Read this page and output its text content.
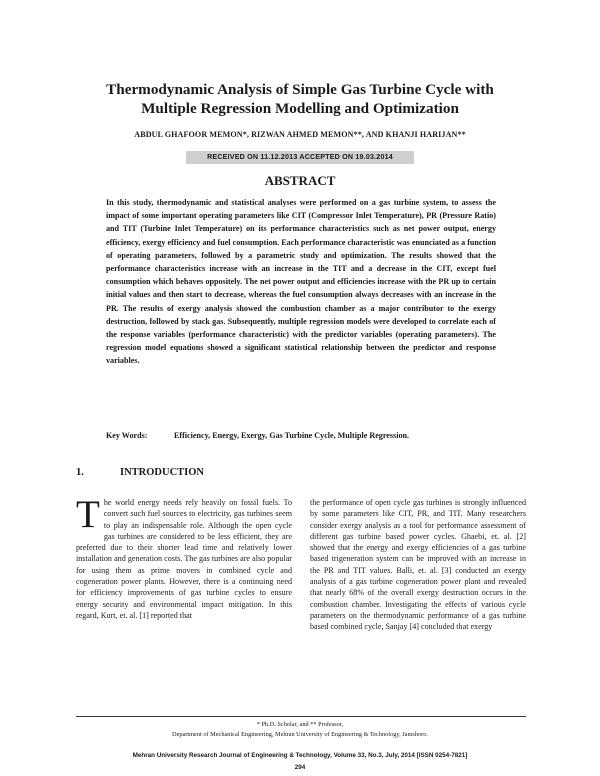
Thermodynamic Analysis of Simple Gas Turbine Cycle with
Multiple Regression Modelling and Optimization

ABDUL GHAFOOR MEMON*, RIZWAN AHMED MEMON**, AND KHANJI HARIJAN**

RECEIVED ON 11.12.2013 ACCEPTED ON 19.03.2014
ABSTRACT

In this study, thermodynamic and statistical analyses were performed on a gas turbine system, to assess the impact of some important operating parameters like CIT (Compressor Inlet Temperature), PR (Pressure Ratio) and TIT (Turbine Inlet Temperature) on its performance characteristics such as net power output, energy efficiency, exergy efficiency and fuel consumption. Each performance characteristic was enunciated as a function of operating parameters, followed by a parametric study and optimization. The results showed that the performance characteristics increase with an increase in the TIT and a decrease in the CIT, except fuel consumption which behaves oppositely. The net power output and efficiencies increase with the PR up to certain initial values and then start to decrease, whereas the fuel consumption always decreases with an increase in the PR. The results of exergy analysis showed the combustion chamber as a major contributor to the exergy destruction, followed by stack gas. Subsequently, multiple regression models were developed to correlate each of the response variables (performance characteristic) with the predictor variables (operating parameters). The regression model equations showed a significant statistical relationship between the predictor and response variables.

Key Words:	Efficiency, Energy, Exergy, Gas Turbine Cycle, Multiple Regression.

1.	INTRODUCTION

The world energy needs rely heavily on fossil fuels. To convert such fuel sources to electricity, gas turbines seem to play an indispensable role. Although the open cycle gas turbines are considered to be less efficient, they are preferred due to their shorter lead time and relatively lower installation and generation costs. The gas turbines are also popular for using them as prime movers in combined cycle and cogeneration power plants. However, there is a continuing need for efficiency improvements of gas turbine cycles to ensure energy security and environmental impact mitigation. In this regard, Kurt, et. al. [1] reported that

the performance of open cycle gas turbines is strongly influenced by some parameters like CIT, PR, and TIT. Many researchers consider exergy analysis as a tool for performance assessment of different gas turbine based power cycles. Ghaebi, et. al. [2] showed that the energy and exergy efficiencies of a gas turbine based trigeneration system can be improved with an increase in the PR and TIT values. Balli, et. al. [3] conducted an exergy analysis of a gas turbine cogeneration power plant and revealed that nearly 68% of the overall exergy destruction occurs in the combustion chamber. Investigating the effects of various cycle parameters on the thermodynamic performance of a gas turbine based combined cycle, Sanjay [4] concluded that exergy

* Ph.D. Scholar, and ** Professor,
Department of Mechanical Engineering, Mehran University of Engineering & Technology, Jamshoro.

Mehran University Research Journal of Engineering & Technology, Volume 33, No.3, July, 2014 [ISSN 0254-7821]

294
